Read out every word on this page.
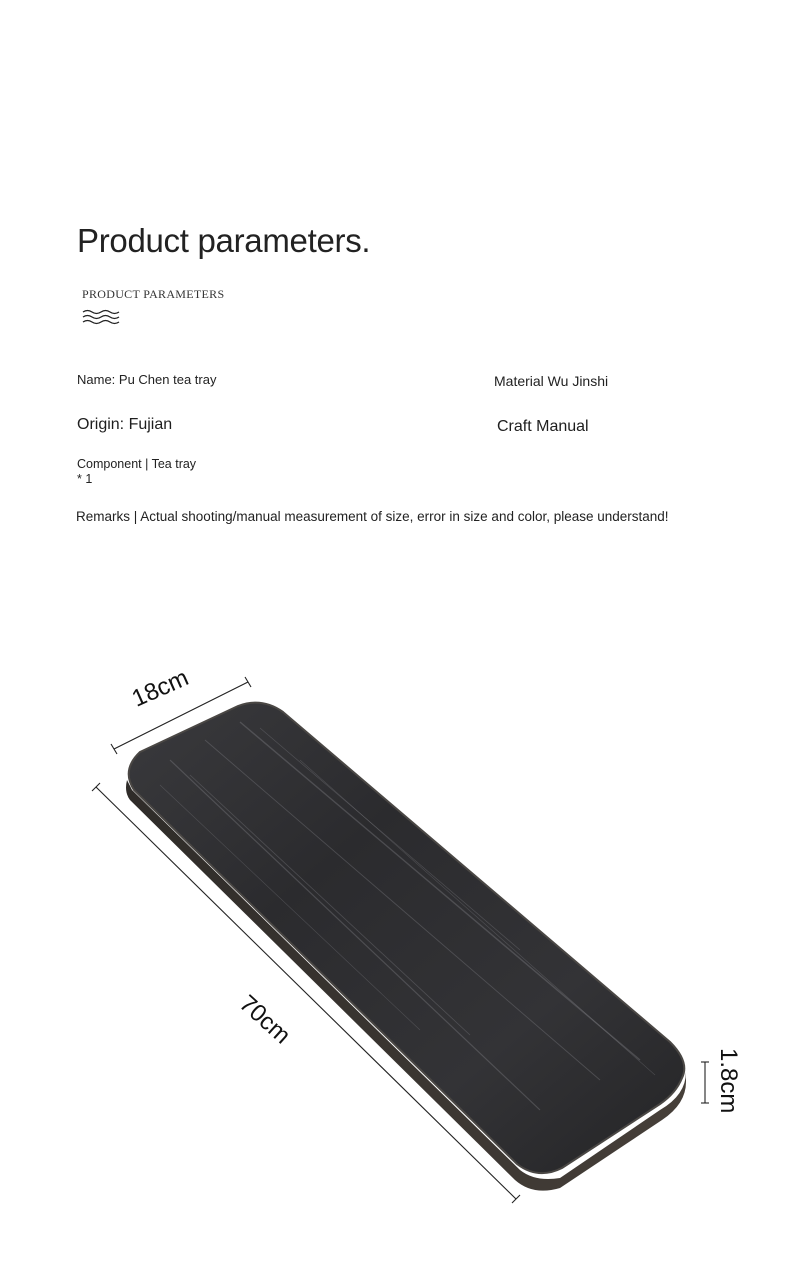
Product parameters.
PRODUCT PARAMETERS
Name: Pu Chen tea tray	Material Wu Jinshi
Origin: Fujian	Craft Manual
Component | Tea tray
* 1
Remarks | Actual shooting/manual measurement of size, error in size and color, please understand!
18cm
70cm
1.8cm
